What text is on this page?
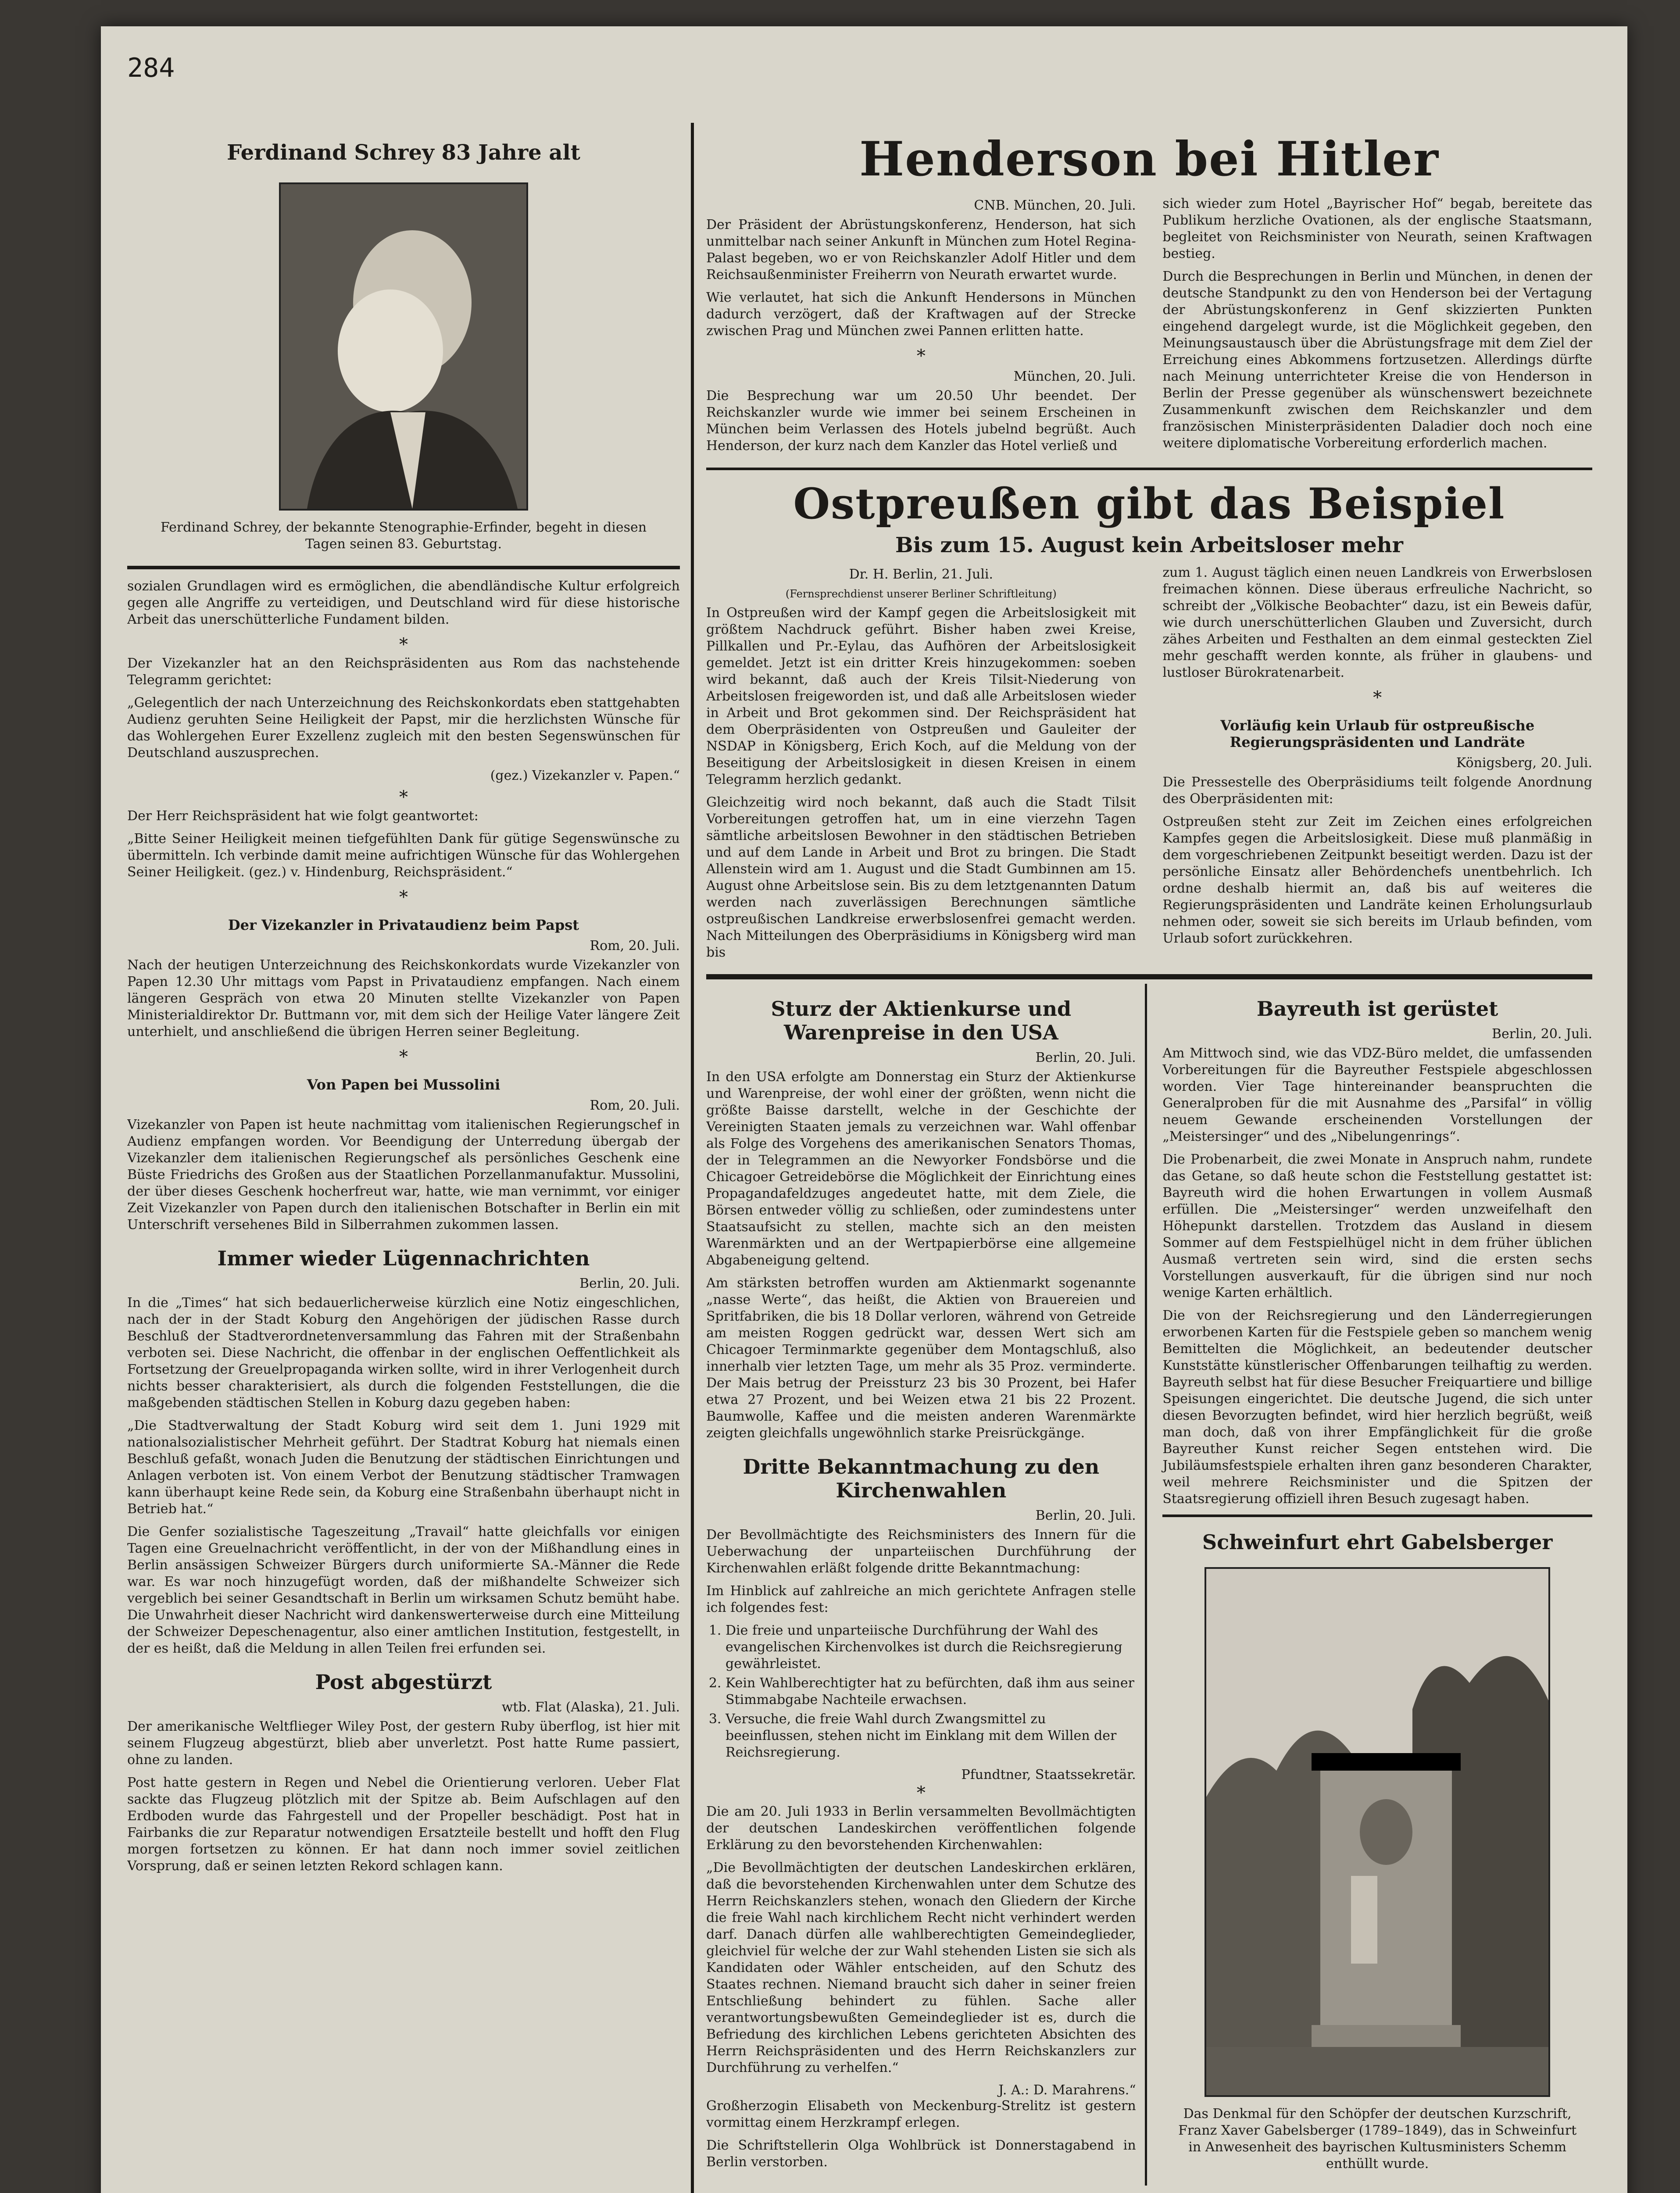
284
Ferdinand Schrey 83 Jahre alt
Ferdinand Schrey, der bekannte Stenographie-Erfinder, begeht in diesen Tagen seinen 83. Geburtstag.

sozialen Grundlagen wird es ermöglichen, die abendländische Kultur erfolgreich gegen alle Angriffe zu verteidigen, und Deutschland wird für diese historische Arbeit das unerschütterliche Fundament bilden.

*

Der Vizekanzler hat an den Reichspräsidenten aus Rom das nachstehende Telegramm gerichtet:

„Gelegentlich der nach Unterzeichnung des Reichskonkordats eben stattgehabten Audienz geruhten Seine Heiligkeit der Papst, mir die herzlichsten Wünsche für das Wohlergehen Eurer Exzellenz zugleich mit den besten Segenswünschen für Deutschland auszusprechen.

(gez.) Vizekanzler v. Papen.“
*

Der Herr Reichspräsident hat wie folgt geantwortet:

„Bitte Seiner Heiligkeit meinen tiefgefühlten Dank für gütige Segenswünsche zu übermitteln. Ich verbinde damit meine aufrichtigen Wünsche für das Wohlergehen Seiner Heiligkeit. (gez.) v. Hindenburg, Reichspräsident.“

*
Der Vizekanzler in Privataudienz beim Papst
Rom, 20. Juli.

Nach der heutigen Unterzeichnung des Reichskonkordats wurde Vizekanzler von Papen 12.30 Uhr mittags vom Papst in Privataudienz empfangen. Nach einem längeren Gespräch von etwa 20 Minuten stellte Vizekanzler von Papen Ministerialdirektor Dr. Buttmann vor, mit dem sich der Heilige Vater längere Zeit unterhielt, und anschließend die übrigen Herren seiner Begleitung.

*
Von Papen bei Mussolini
Rom, 20. Juli.

Vizekanzler von Papen ist heute nachmittag vom italienischen Regierungschef in Audienz empfangen worden. Vor Beendigung der Unterredung übergab der Vizekanzler dem italienischen Regierungschef als persönliches Geschenk eine Büste Friedrichs des Großen aus der Staatlichen Porzellanmanufaktur. Mussolini, der über dieses Geschenk hocherfreut war, hatte, wie man vernimmt, vor einiger Zeit Vizekanzler von Papen durch den italienischen Botschafter in Berlin ein mit Unterschrift versehenes Bild in Silberrahmen zukommen lassen.

Immer wieder Lügennachrichten
Berlin, 20. Juli.

In die „Times“ hat sich bedauerlicherweise kürzlich eine Notiz eingeschlichen, nach der in der Stadt Koburg den Angehörigen der jüdischen Rasse durch Beschluß der Stadtverordnetenversammlung das Fahren mit der Straßenbahn verboten sei. Diese Nachricht, die offenbar in der englischen Oeffentlichkeit als Fortsetzung der Greuelpropaganda wirken sollte, wird in ihrer Verlogenheit durch nichts besser charakterisiert, als durch die folgenden Feststellungen, die die maßgebenden städtischen Stellen in Koburg dazu gegeben haben:

„Die Stadtverwaltung der Stadt Koburg wird seit dem 1. Juni 1929 mit nationalsozialistischer Mehrheit geführt. Der Stadtrat Koburg hat niemals einen Beschluß gefaßt, wonach Juden die Benutzung der städtischen Einrichtungen und Anlagen verboten ist. Von einem Verbot der Benutzung städtischer Tramwagen kann überhaupt keine Rede sein, da Koburg eine Straßenbahn überhaupt nicht in Betrieb hat.“

Die Genfer sozialistische Tageszeitung „Travail“ hatte gleichfalls vor einigen Tagen eine Greuelnachricht veröffentlicht, in der von der Mißhandlung eines in Berlin ansässigen Schweizer Bürgers durch uniformierte SA.-Männer die Rede war. Es war noch hinzugefügt worden, daß der mißhandelte Schweizer sich vergeblich bei seiner Gesandtschaft in Berlin um wirksamen Schutz bemüht habe. Die Unwahrheit dieser Nachricht wird dankenswerterweise durch eine Mitteilung der Schweizer Depeschenagentur, also einer amtlichen Institution, festgestellt, in der es heißt, daß die Meldung in allen Teilen frei erfunden sei.

Post abgestürzt
wtb. Flat (Alaska), 21. Juli.

Der amerikanische Weltflieger Wiley Post, der gestern Ruby überflog, ist hier mit seinem Flugzeug abgestürzt, blieb aber unverletzt. Post hatte Rume passiert, ohne zu landen.

Post hatte gestern in Regen und Nebel die Orientierung verloren. Ueber Flat sackte das Flugzeug plötzlich mit der Spitze ab. Beim Aufschlagen auf den Erdboden wurde das Fahrgestell und der Propeller beschädigt. Post hat in Fairbanks die zur Reparatur notwendigen Ersatzteile bestellt und hofft den Flug morgen fortsetzen zu können. Er hat dann noch immer soviel zeitlichen Vorsprung, daß er seinen letzten Rekord schlagen kann.

Henderson bei Hitler
CNB. München, 20. Juli.

Der Präsident der Abrüstungskonferenz, Henderson, hat sich unmittelbar nach seiner Ankunft in München zum Hotel Regina-Palast begeben, wo er von Reichskanzler Adolf Hitler und dem Reichsaußenminister Freiherrn von Neurath erwartet wurde.

Wie verlautet, hat sich die Ankunft Hendersons in München dadurch verzögert, daß der Kraftwagen auf der Strecke zwischen Prag und München zwei Pannen erlitten hatte.

*
München, 20. Juli.

Die Besprechung war um 20.50 Uhr beendet. Der Reichskanzler wurde wie immer bei seinem Erscheinen in München beim Verlassen des Hotels jubelnd begrüßt. Auch Henderson, der kurz nach dem Kanzler das Hotel verließ und

sich wieder zum Hotel „Bayrischer Hof“ begab, bereitete das Publikum herzliche Ovationen, als der englische Staatsmann, begleitet von Reichsminister von Neurath, seinen Kraftwagen bestieg.

Durch die Besprechungen in Berlin und München, in denen der deutsche Standpunkt zu den von Henderson bei der Vertagung der Abrüstungskonferenz in Genf skizzierten Punkten eingehend dargelegt wurde, ist die Möglichkeit gegeben, den Meinungsaustausch über die Abrüstungsfrage mit dem Ziel der Erreichung eines Abkommens fortzusetzen. Allerdings dürfte nach Meinung unterrichteter Kreise die von Henderson in Berlin der Presse gegenüber als wünschenswert bezeichnete Zusammenkunft zwischen dem Reichskanzler und dem französischen Ministerpräsidenten Daladier doch noch eine weitere diplomatische Vorbereitung erforderlich machen.

Ostpreußen gibt das Beispiel
Bis zum 15. August kein Arbeitsloser mehr
Dr. H. Berlin, 21. Juli.
(Fernsprechdienst unserer Berliner Schriftleitung)

In Ostpreußen wird der Kampf gegen die Arbeitslosigkeit mit größtem Nachdruck geführt. Bisher haben zwei Kreise, Pillkallen und Pr.-Eylau, das Aufhören der Arbeitslosigkeit gemeldet. Jetzt ist ein dritter Kreis hinzugekommen: soeben wird bekannt, daß auch der Kreis Tilsit-Niederung von Arbeitslosen freigeworden ist, und daß alle Arbeitslosen wieder in Arbeit und Brot gekommen sind. Der Reichspräsident hat dem Oberpräsidenten von Ostpreußen und Gauleiter der NSDAP in Königsberg, Erich Koch, auf die Meldung von der Beseitigung der Arbeitslosigkeit in diesen Kreisen in einem Telegramm herzlich gedankt.

Gleichzeitig wird noch bekannt, daß auch die Stadt Tilsit Vorbereitungen getroffen hat, um in eine vierzehn Tagen sämtliche arbeitslosen Bewohner in den städtischen Betrieben und auf dem Lande in Arbeit und Brot zu bringen. Die Stadt Allenstein wird am 1. August und die Stadt Gumbinnen am 15. August ohne Arbeitslose sein. Bis zu dem letztgenannten Datum werden nach zuverlässigen Berechnungen sämtliche ostpreußischen Landkreise erwerbslosenfrei gemacht werden. Nach Mitteilungen des Oberpräsidiums in Königsberg wird man bis

zum 1. August täglich einen neuen Landkreis von Erwerbslosen freimachen können. Diese überaus erfreuliche Nachricht, so schreibt der „Völkische Beobachter“ dazu, ist ein Beweis dafür, wie durch unerschütterlichen Glauben und Zuversicht, durch zähes Arbeiten und Festhalten an dem einmal gesteckten Ziel mehr geschafft werden konnte, als früher in glaubens- und lustloser Bürokratenarbeit.

*
Vorläufig kein Urlaub für ostpreußische Regierungspräsidenten und Landräte
Königsberg, 20. Juli.

Die Pressestelle des Oberpräsidiums teilt folgende Anordnung des Oberpräsidenten mit:

Ostpreußen steht zur Zeit im Zeichen eines erfolgreichen Kampfes gegen die Arbeitslosigkeit. Diese muß planmäßig in dem vorgeschriebenen Zeitpunkt beseitigt werden. Dazu ist der persönliche Einsatz aller Behördenchefs unentbehrlich. Ich ordne deshalb hiermit an, daß bis auf weiteres die Regierungspräsidenten und Landräte keinen Erholungsurlaub nehmen oder, soweit sie sich bereits im Urlaub befinden, vom Urlaub sofort zurückkehren.

Sturz der Aktienkurse und Warenpreise in den USA
Berlin, 20. Juli.

In den USA erfolgte am Donnerstag ein Sturz der Aktienkurse und Warenpreise, der wohl einer der größten, wenn nicht die größte Baisse darstellt, welche in der Geschichte der Vereinigten Staaten jemals zu verzeichnen war. Wahl offenbar als Folge des Vorgehens des amerikanischen Senators Thomas, der in Telegrammen an die Newyorker Fondsbörse und die Chicagoer Getreidebörse die Möglichkeit der Einrichtung eines Propagandafeldzuges angedeutet hatte, mit dem Ziele, die Börsen entweder völlig zu schließen, oder zumindestens unter Staatsaufsicht zu stellen, machte sich an den meisten Warenmärkten und an der Wertpapierbörse eine allgemeine Abgabeneigung geltend.

Am stärksten betroffen wurden am Aktienmarkt sogenannte „nasse Werte“, das heißt, die Aktien von Brauereien und Spritfabriken, die bis 18 Dollar verloren, während von Getreide am meisten Roggen gedrückt war, dessen Wert sich am Chicagoer Terminmarkte gegenüber dem Montagschluß, also innerhalb vier letzten Tage, um mehr als 35 Proz. verminderte. Der Mais betrug der Preissturz 23 bis 30 Prozent, bei Hafer etwa 27 Prozent, und bei Weizen etwa 21 bis 22 Prozent. Baumwolle, Kaffee und die meisten anderen Warenmärkte zeigten gleichfalls ungewöhnlich starke Preisrückgänge.

Dritte Bekanntmachung zu den Kirchenwahlen
Berlin, 20. Juli.

Der Bevollmächtigte des Reichsministers des Innern für die Ueberwachung der unparteiischen Durchführung der Kirchenwahlen erläßt folgende dritte Bekanntmachung:

Im Hinblick auf zahlreiche an mich gerichtete Anfragen stelle ich folgendes fest:

1. Die freie und unparteiische Durchführung der Wahl des evangelischen Kirchenvolkes ist durch die Reichsregierung gewährleistet.
2. Kein Wahlberechtigter hat zu befürchten, daß ihm aus seiner Stimmabgabe Nachteile erwachsen.
3. Versuche, die freie Wahl durch Zwangsmittel zu beeinflussen, stehen nicht im Einklang mit dem Willen der Reichsregierung.
Pfundtner, Staatssekretär.
*

Die am 20. Juli 1933 in Berlin versammelten Bevollmächtigten der deutschen Landeskirchen veröffentlichen folgende Erklärung zu den bevorstehenden Kirchenwahlen:

„Die Bevollmächtigten der deutschen Landeskirchen erklären, daß die bevorstehenden Kirchenwahlen unter dem Schutze des Herrn Reichskanzlers stehen, wonach den Gliedern der Kirche die freie Wahl nach kirchlichem Recht nicht verhindert werden darf. Danach dürfen alle wahlberechtigten Gemeindeglieder, gleichviel für welche der zur Wahl stehenden Listen sie sich als Kandidaten oder Wähler entscheiden, auf den Schutz des Staates rechnen. Niemand braucht sich daher in seiner freien Entschließung behindert zu fühlen. Sache aller verantwortungsbewußten Gemeindeglieder ist es, durch die Befriedung des kirchlichen Lebens gerichteten Absichten des Herrn Reichspräsidenten und des Herrn Reichskanzlers zur Durchführung zu verhelfen.“

J. A.: D. Marahrens.“

Großherzogin Elisabeth von Meckenburg-Strelitz ist gestern vormittag einem Herzkrampf erlegen.

Die Schriftstellerin Olga Wohlbrück ist Donnerstagabend in Berlin verstorben.

Bayreuth ist gerüstet
Berlin, 20. Juli.

Am Mittwoch sind, wie das VDZ-Büro meldet, die umfassenden Vorbereitungen für die Bayreuther Festspiele abgeschlossen worden. Vier Tage hintereinander beanspruchten die Generalproben für die mit Ausnahme des „Parsifal“ in völlig neuem Gewande erscheinenden Vorstellungen der „Meistersinger“ und des „Nibelungenrings“.

Die Probenarbeit, die zwei Monate in Anspruch nahm, rundete das Getane, so daß heute schon die Feststellung gestattet ist: Bayreuth wird die hohen Erwartungen in vollem Ausmaß erfüllen. Die „Meistersinger“ werden unzweifelhaft den Höhepunkt darstellen. Trotzdem das Ausland in diesem Sommer auf dem Festspielhügel nicht in dem früher üblichen Ausmaß vertreten sein wird, sind die ersten sechs Vorstellungen ausverkauft, für die übrigen sind nur noch wenige Karten erhältlich.

Die von der Reichsregierung und den Länderregierungen erworbenen Karten für die Festspiele geben so manchem wenig Bemittelten die Möglichkeit, an bedeutender deutscher Kunststätte künstlerischer Offenbarungen teilhaftig zu werden. Bayreuth selbst hat für diese Besucher Freiquartiere und billige Speisungen eingerichtet. Die deutsche Jugend, die sich unter diesen Bevorzugten befindet, wird hier herzlich begrüßt, weiß man doch, daß von ihrer Empfänglichkeit für die große Bayreuther Kunst reicher Segen entstehen wird. Die Jubiläumsfestspiele erhalten ihren ganz besonderen Charakter, weil mehrere Reichsminister und die Spitzen der Staatsregierung offiziell ihren Besuch zugesagt haben.

Schweinfurt ehrt Gabelsberger
Das Denkmal für den Schöpfer der deutschen Kurzschrift, Franz Xaver Gabelsberger (1789–1849), das in Schweinfurt in Anwesenheit des bayrischen Kultusministers Schemm enthüllt wurde.
